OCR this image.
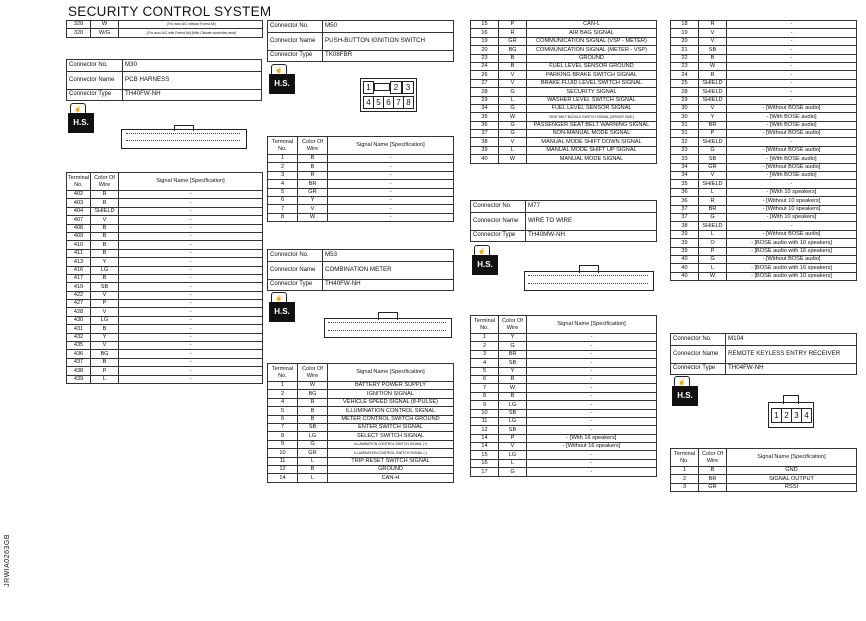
SECURITY CONTROL SYSTEM
JRWIA0263GB
320	W	- [For auto A/C without Forest Air]
320	W/G	- [For auto A/C with Forest Air] [With Climate controlled seat]
Connector No.	M30
Connector Name	PCB HARNESS
Connector Type	TH40FW-NH
☝
H.S.
Terminal No.	Color Of Wire	Signal Name [Specification]
402	R	-
403	R	-
404	SHIELD	-
407	V	-
408	B	-
409	B	-
410	B	-
411	B	-
413	Y	-
416	LG	-
417	B	-
419	SB	-
422	V	-
427	P	-
428	V	-
430	LG	-
431	B	-
432	Y	-
435	V	-
436	BG	-
437	B	-
438	P	-
439	L	-
Connector No.	M50
Connector Name	PUSH-BUTTON IGNITION SWITCH
Connector Type	TK08FBR
☝
H.S.	1	2 3
4 5 6 7 8
Terminal No.	Color Of Wire	Signal Name [Specification]
1	B	-
2	B	-
3	R	-
4	BR	-
5	GR	-
6	Y	-
7	V	-
8	W	-
Connector No.	M53
Connector Name	COMBINATION METER
Connector Type	TH40FW-NH
☝
H.S.
Terminal No.	Color Of Wire	Signal Name [Specification]
1	W	BATTERY POWER SUPPLY
2	BG	IGNITION SIGNAL
4	R	VEHICLE SPEED SIGNAL (8-PULSE)
5	B	ILLUMINATION CONTROL SIGNAL
6	B	METER CONTROL SWITCH GROUND
7	SB	ENTER SWITCH SIGNAL
8	LG	SELECT SWITCH SIGNAL
9	G	ILLUMINATION CONTROL SWITCH SIGNAL (+)
10	GR	ILLUMINATION CONTROL SWITCH SIGNAL (-)
11	L	TRIP RESET SWITCH SIGNAL
12	B	GROUND
14	L	CAN-H
15	P	CAN-L
16	R	AIR BAG SIGNAL
19	GR	COMMUNICATION SIGNAL (VSP - METER)
20	BG	COMMUNICATION SIGNAL (METER - VSP)
23	B	GROUND
24	B	FUEL LEVEL SENSOR GROUND
26	V	PARKING BRAKE SWITCH SIGNAL
27	V	BRAKE FLUID LEVEL SWITCH SIGNAL
28	G	SECURITY SIGNAL
29	L	WASHER LEVEL SWITCH SIGNAL
34	G	FUEL LEVEL SENSOR SIGNAL
35	W	SEAT BELT BUCKLE SWITCH SIGNAL (DRIVER SIDE)
36	G	PASSENGER SEAT BELT WARNING SIGNAL
37	G	NON-MANUAL MODE SIGNAL
38	V	MANUAL MODE SHIFT DOWN SIGNAL
39	L	MANUAL MODE SHIFT UP SIGNAL
40	W	MANUAL MODE SIGNAL
Connector No.	M77
Connector Name	WIRE TO WIRE
Connector Type	TH40MW-NH
☝
H.S.
Terminal No.	Color Of Wire	Signal Name [Specification]
1	Y	-
2	G	-
3	BR	-
4	SB	-
5	Y	-
6	R	-
7	W	-
8	B	-
9	LG	-
10	SB	-
11	LG	-
12	SB	-
14	P	- [With 16 speakers]
14	V	- [Without 16 speakers]
15	LG	-
16	L	-
17	G	-
18	R	-
19	V	-
20	V	-
21	SB	-
22	B	-
23	W	-
24	R	-
25	SHIELD	-
28	SHIELD	-
29	SHIELD	-
30	V	- [Without BOSE audio]
30	Y	- [With BOSE audio]
31	BR	- [With BOSE audio]
31	P	- [Without BOSE audio]
32	SHIELD	-
33	G	- [Without BOSE audio]
33	SB	- [With BOSE audio]
34	GR	- [Without BOSE audio]
34	V	- [With BOSE audio]
35	SHIELD	-
36	L	- [With 10 speakers]
36	R	- [Without 10 speakers]
37	BR	- [Without 10 speakers]
37	G	- [With 10 speakers]
38	SHIELD	-
39	L	- [Without BOSE audio]
39	O	- [BOSE audio with 10 speakers]
39	P	- [BOSE audio with 16 speakers]
40	G	- [Without BOSE audio]
40	L	- [BOSE audio with 16 speakers]
40	W	- [BOSE audio with 10 speakers]
Connector No.	M104
Connector Name	REMOTE KEYLESS ENTRY RECEIVER
Connector Type	TH04FW-NH
☝
H.S.
1 2 3 4
Terminal No.	Color Of Wire	Signal Name [Specification]
1	B	GND
2	BR	SIGNAL OUTPUT
3	GR	RSSI
